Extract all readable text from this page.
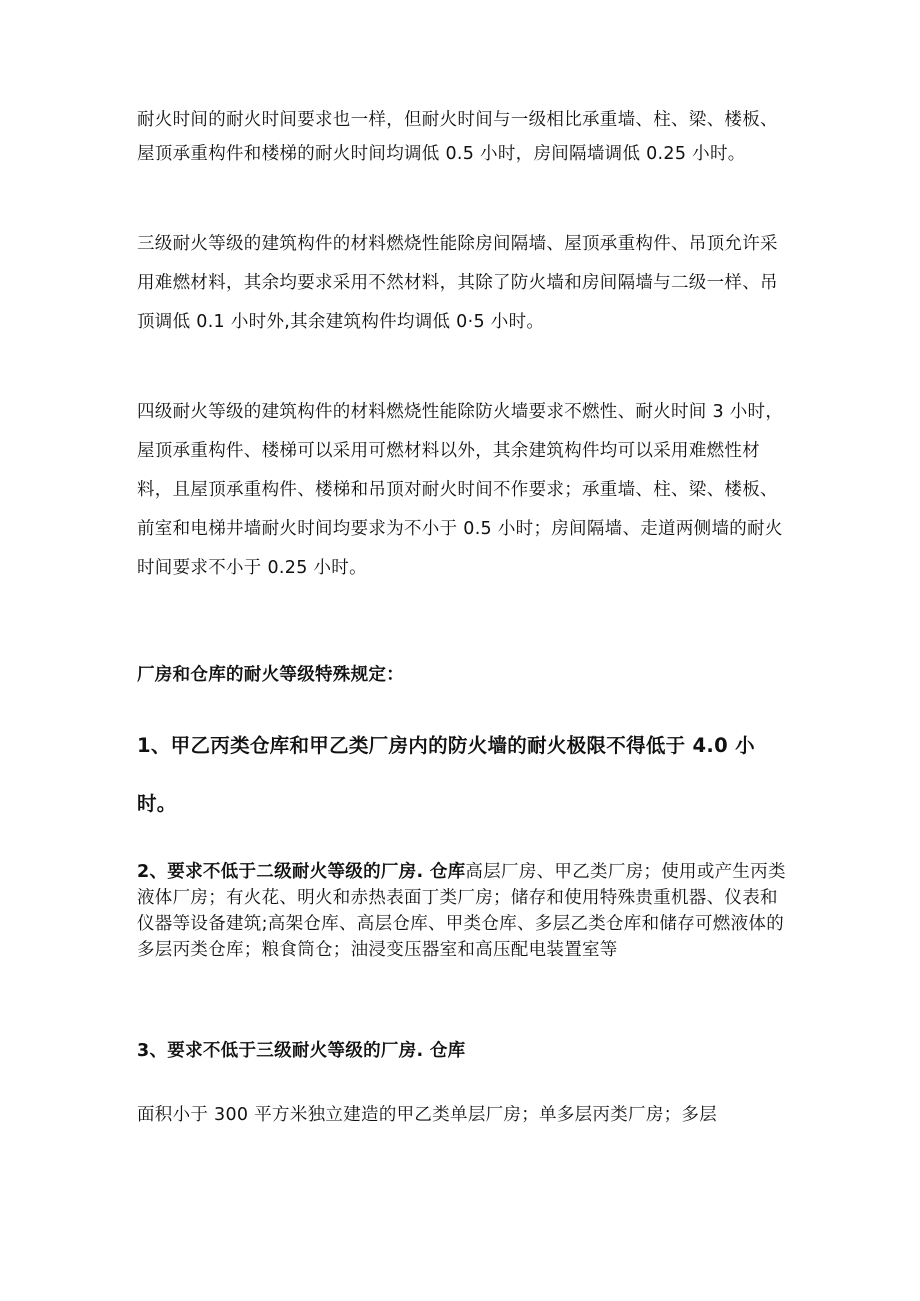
耐火时间的耐火时间要求也一样，但耐火时间与一级相比承重墙、柱、梁、楼板、屋顶承重构件和楼梯的耐火时间均调低 0.5 小时，房间隔墙调低 0.25 小时。

三级耐火等级的建筑构件的材料燃烧性能除房间隔墙、屋顶承重构件、吊顶允许采用难燃材料，其余均要求采用不然材料，其除了防火墙和房间隔墙与二级一样、吊顶调低 0.1 小时外,其余建筑构件均调低 0·5 小时。

四级耐火等级的建筑构件的材料燃烧性能除防火墙要求不燃性、耐火时间 3 小时，屋顶承重构件、楼梯可以采用可燃材料以外，其余建筑构件均可以采用难燃性材料，且屋顶承重构件、楼梯和吊顶对耐火时间不作要求；承重墙、柱、梁、楼板、前室和电梯井墙耐火时间均要求为不小于 0.5 小时；房间隔墙、走道两侧墙的耐火时间要求不小于 0.25 小时。

厂房和仓库的耐火等级特殊规定：

1、甲乙丙类仓库和甲乙类厂房内的防火墙的耐火极限不得低于 4.0 小时。

2、要求不低于二级耐火等级的厂房. 仓库高层厂房、甲乙类厂房；使用或产生丙类液体厂房；有火花、明火和赤热表面丁类厂房；储存和使用特殊贵重机器、仪表和仪器等设备建筑;高架仓库、高层仓库、甲类仓库、多层乙类仓库和储存可燃液体的多层丙类仓库；粮食筒仓；油浸变压器室和高压配电装置室等

3、要求不低于三级耐火等级的厂房. 仓库

面积小于 300 平方米独立建造的甲乙类单层厂房；单多层丙类厂房；多层
